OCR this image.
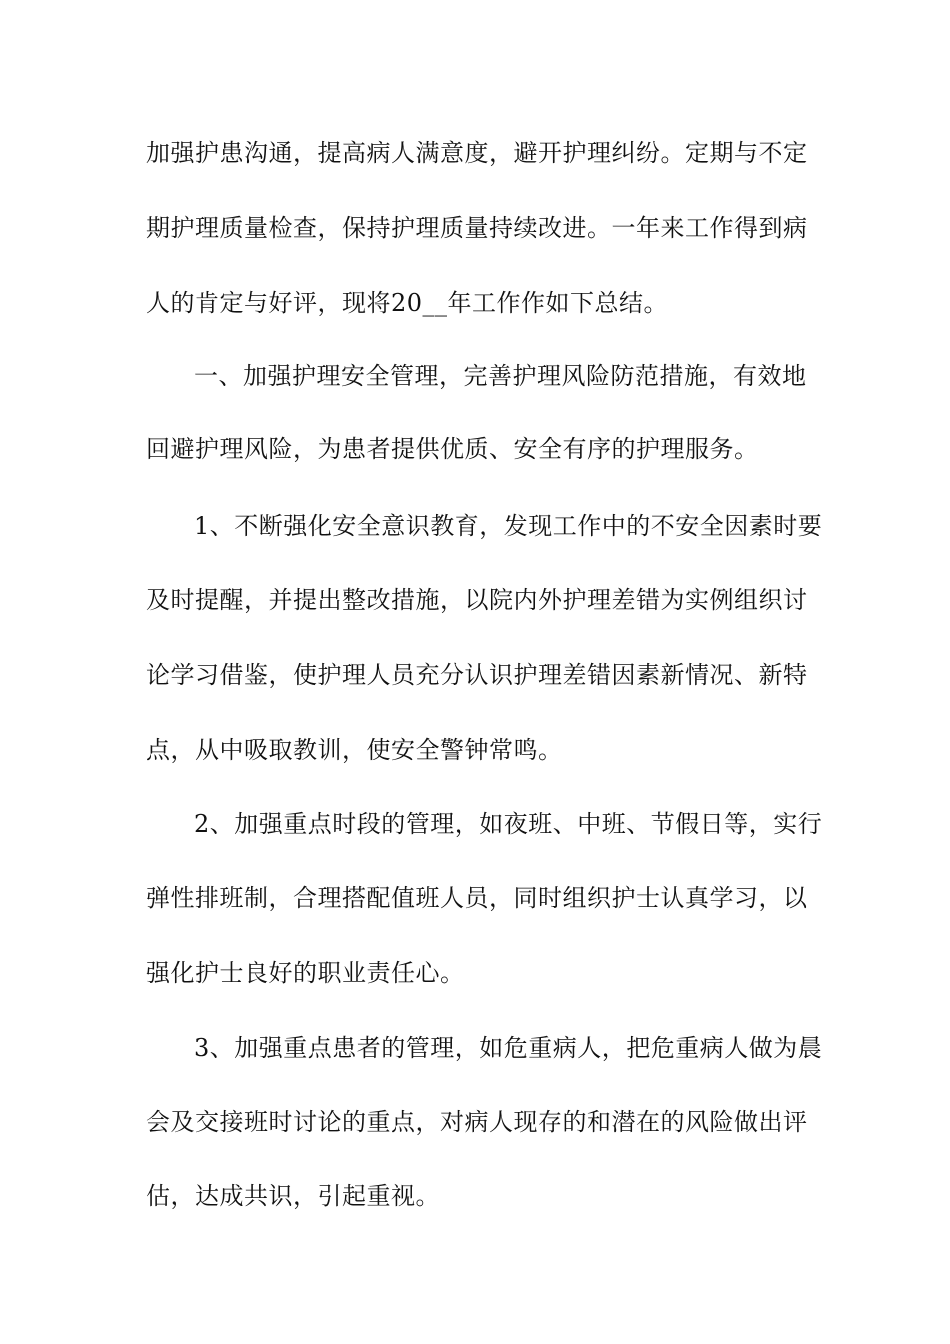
加强护患沟通，提高病人满意度，避开护理纠纷。定期与不定
期护理质量检查，保持护理质量持续改进。一年来工作得到病
人的肯定与好评，现将20__年工作作如下总结。
一、加强护理安全管理，完善护理风险防范措施，有效地
回避护理风险，为患者提供优质、安全有序的护理服务。
1、不断强化安全意识教育，发现工作中的不安全因素时要
及时提醒，并提出整改措施，以院内外护理差错为实例组织讨
论学习借鉴，使护理人员充分认识护理差错因素新情况、新特
点，从中吸取教训，使安全警钟常鸣。
2、加强重点时段的管理，如夜班、中班、节假日等，实行
弹性排班制，合理搭配值班人员，同时组织护士认真学习，以
强化护士良好的职业责任心。
3、加强重点患者的管理，如危重病人，把危重病人做为晨
会及交接班时讨论的重点，对病人现存的和潜在的风险做出评
估，达成共识，引起重视。
